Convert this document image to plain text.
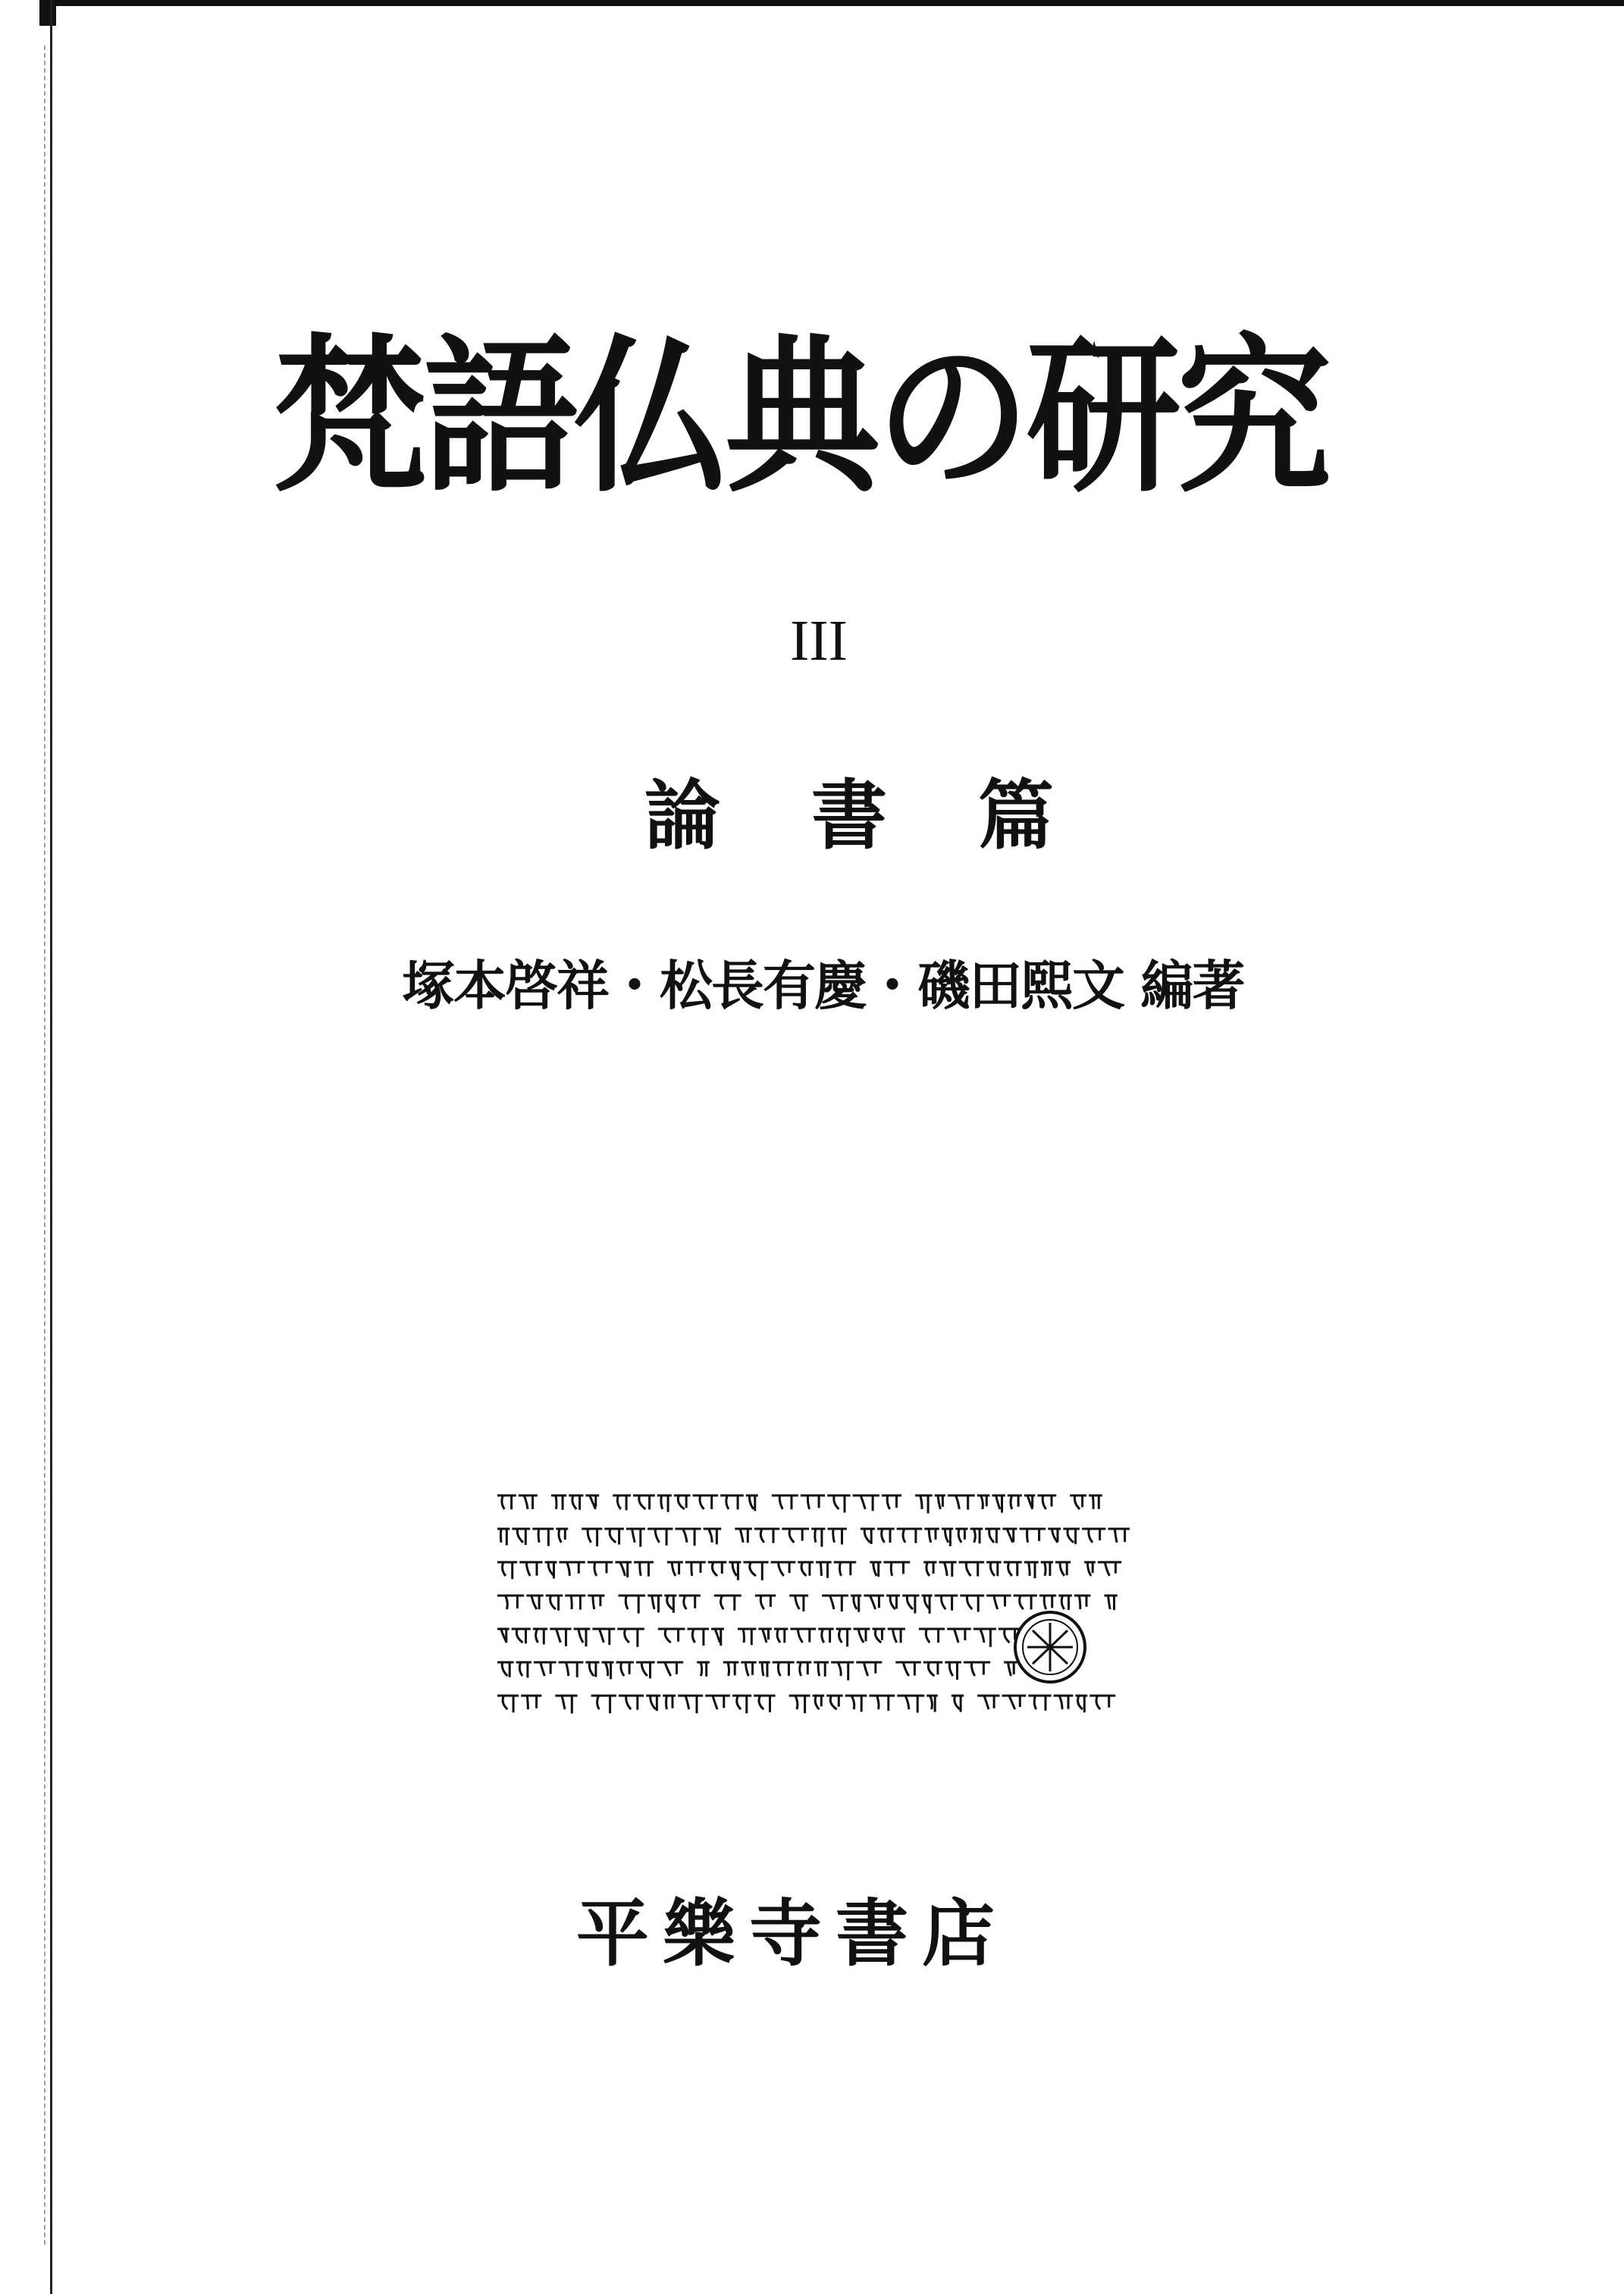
梵語仏典の研究
III
論書篇
塚本啓祥・松長有慶・磯田熙文 編著
平樂寺書店
